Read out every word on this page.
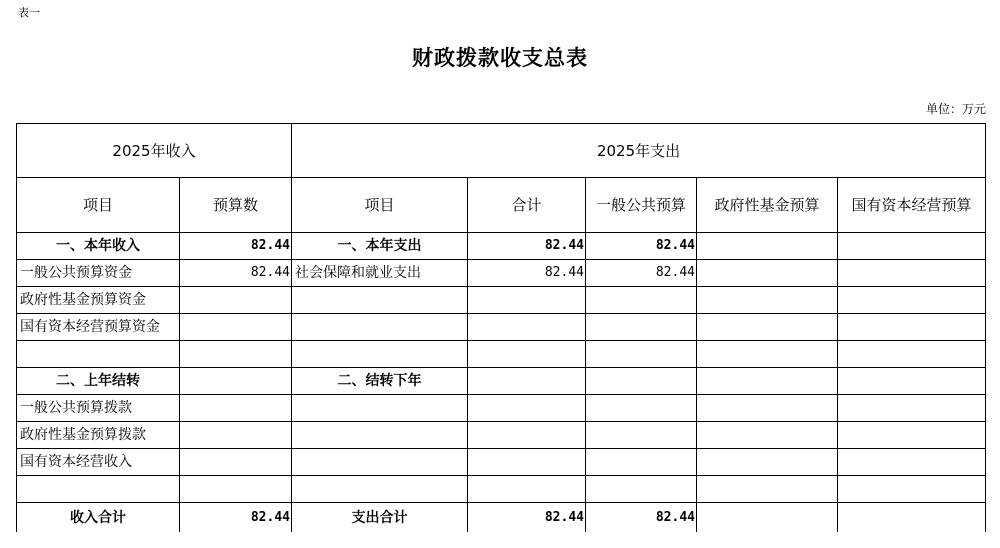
表一
财政拨款收支总表
单位：万元
2025年收入		2025年支出				
项目	预算数	项目	合计	一般公共预算	政府性基金预算	国有资本经营预算
一、本年收入	82.44	一、本年支出	82.44	82.44		
一般公共预算资金	82.44	社会保障和就业支出	82.44	82.44		
政府性基金预算资金						
国有资本经营预算资金						

二、上年结转		二、结转下年				
一般公共预算拨款						
政府性基金预算拨款						
国有资本经营收入						

收入合计	82.44	支出合计	82.44	82.44		
